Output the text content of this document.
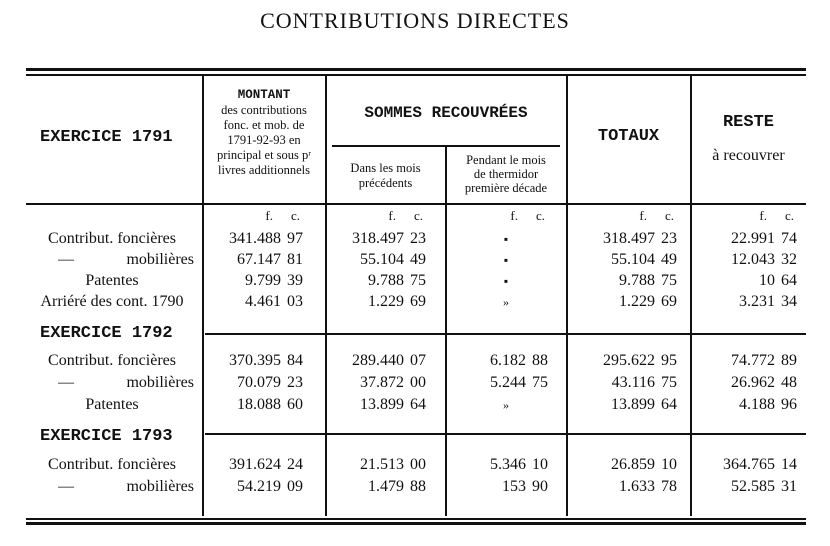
CONTRIBUTIONS DIRECTES
EXERCICE 1791
MONTANT
des contributions
fonc. et mob. de
1791-92-93 en
principal et sous pʳ
livres additionnels
SOMMES RECOUVRÉES
Dans les mois
précédents
Pendant le mois
de thermidor
première décade
TOTAUX
RESTE
à recouvrer
f. c.	f. c.	f. c.	f. c.	f. c.
Contribut. foncières	341.488 97	318.497 23	▪	318.497 23	22.991 74
—	mobilières	67.147 81	55.104 49	▪	55.104 49	12.043 32
Patentes	9.799 39	9.788 75	▪	9.788 75	10 64
Arriéré des cont. 1790	4.461 03	1.229 69	»	1.229 69	3.231 34
EXERCICE 1792
Contribut. foncières	370.395 84	289.440 07	6.182 88	295.622 95	74.772 89
—	mobilières	70.079 23	37.872 00	5.244 75	43.116 75	26.962 48
Patentes	18.088 60	13.899 64	»	13.899 64	4.188 96
EXERCICE 1793
Contribut. foncières	391.624 24	21.513 00	5.346 10	26.859 10	364.765 14
—	mobilières	54.219 09	1.479 88	153 90	1.633 78	52.585 31
